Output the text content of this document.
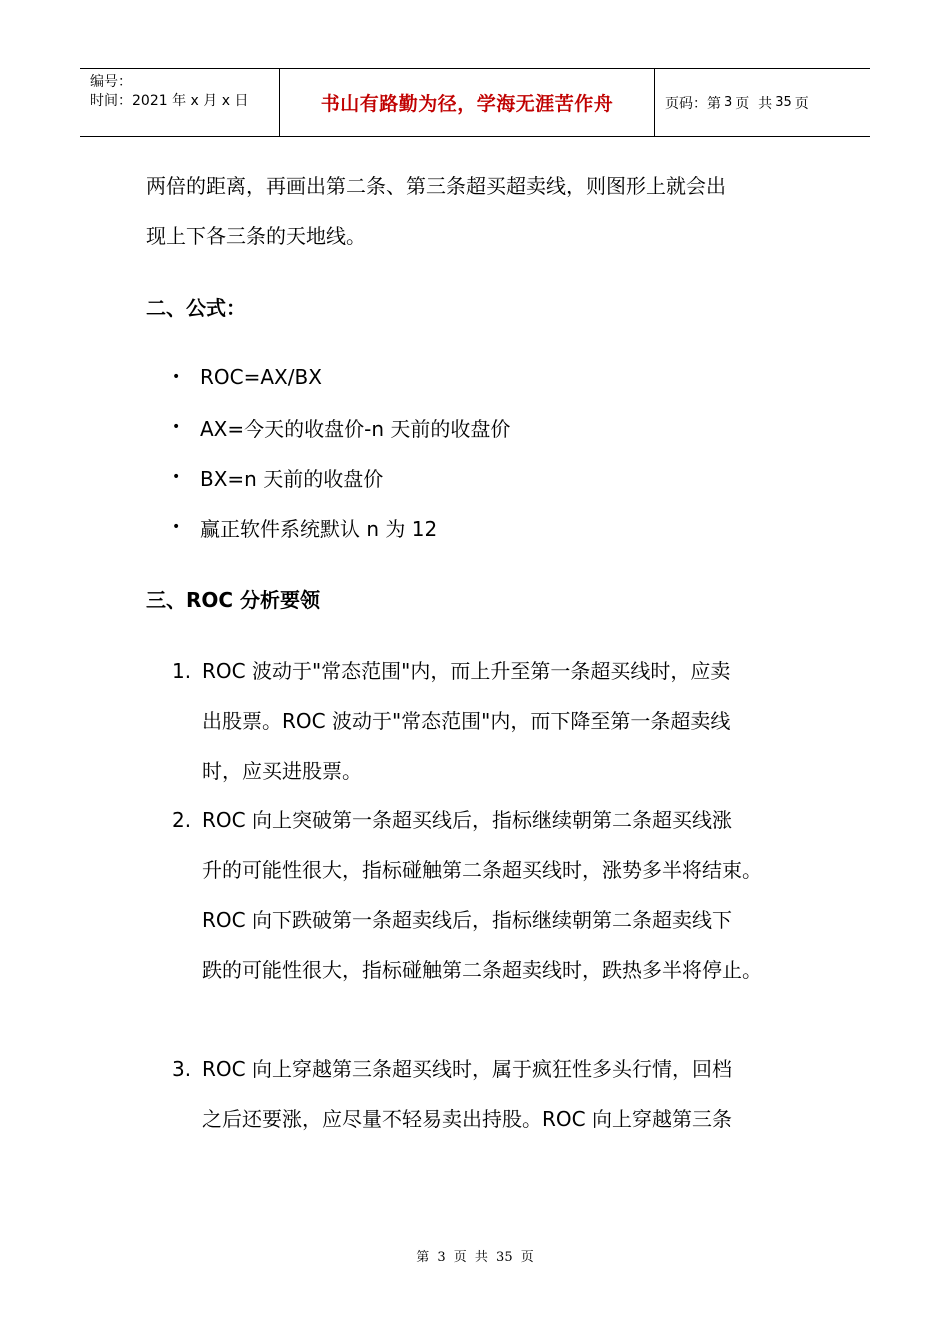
编号：
时间：2021 年 x 月 x 日	书山有路勤为径，学海无涯苦作舟	页码：第 3 页  共 35 页
两倍的距离，再画出第二条、第三条超买超卖线，则图形上就会出
现上下各三条的天地线。
二、公式：
• ROC=AX/BX
• AX=今天的收盘价-n 天前的收盘价
• BX=n 天前的收盘价
• 赢正软件系统默认 n 为 12
三、ROC 分析要领
1. ROC 波动于"常态范围"内，而上升至第一条超买线时，应卖
出股票。ROC 波动于"常态范围"内，而下降至第一条超卖线
时，应买进股票。
2. ROC 向上突破第一条超买线后，指标继续朝第二条超买线涨
升的可能性很大，指标碰触第二条超买线时，涨势多半将结束。
ROC 向下跌破第一条超卖线后，指标继续朝第二条超卖线下
跌的可能性很大，指标碰触第二条超卖线时，跌热多半将停止。
3. ROC 向上穿越第三条超买线时，属于疯狂性多头行情，回档
之后还要涨，应尽量不轻易卖出持股。ROC 向上穿越第三条
第 3 页 共 35 页
